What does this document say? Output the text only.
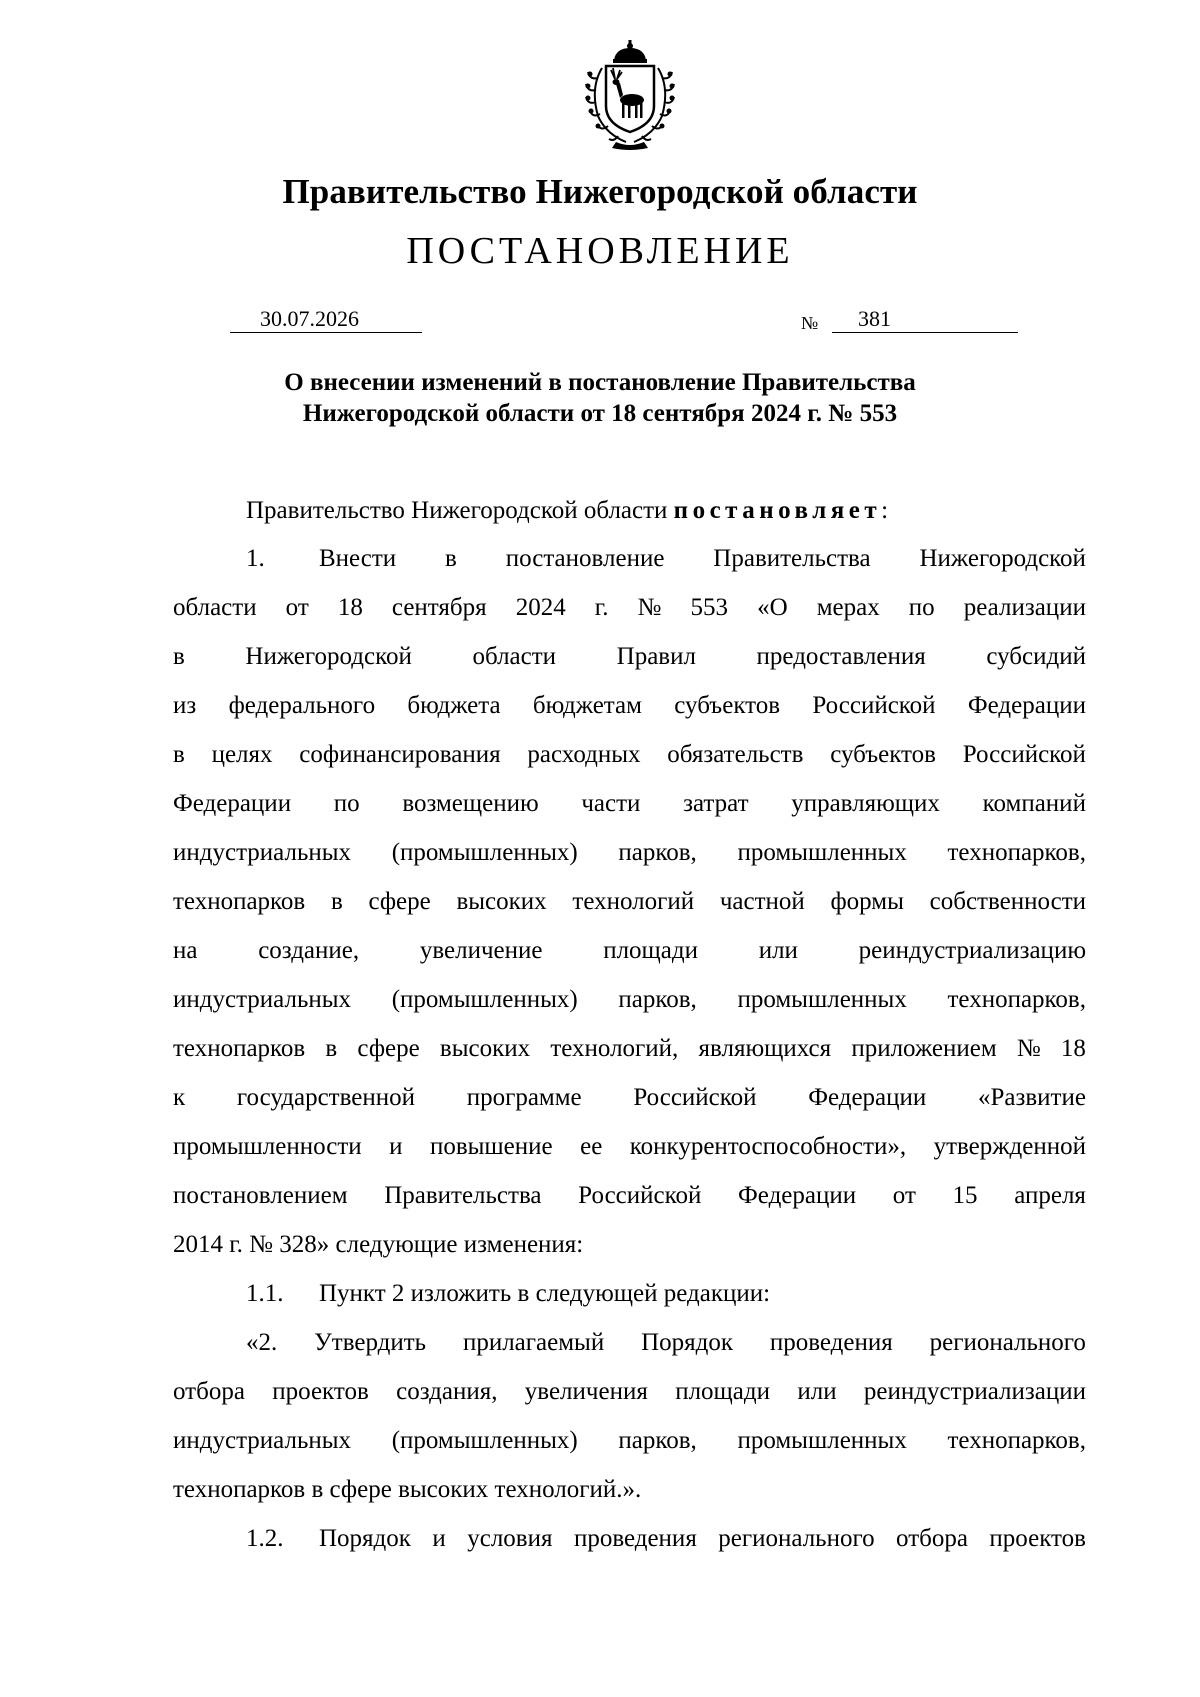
Правительство Нижегородской области
ПОСТАНОВЛЕНИЕ
30.07.2026	№ 381
О внесении изменений в постановление Правительства
Нижегородской области от 18 сентября 2024 г. № 553
Правительство Нижегородской области постановляет:
1. Внести в постановление Правительства Нижегородской
области от 18 сентября 2024 г. № 553 «О мерах по реализации
в Нижегородской области Правил предоставления субсидий
из федерального бюджета бюджетам субъектов Российской Федерации
в целях софинансирования расходных обязательств субъектов Российской
Федерации по возмещению части затрат управляющих компаний
индустриальных (промышленных) парков, промышленных технопарков,
технопарков в сфере высоких технологий частной формы собственности
на создание, увеличение площади или реиндустриализацию
индустриальных (промышленных) парков, промышленных технопарков,
технопарков в сфере высоких технологий, являющихся приложением № 18
к государственной программе Российской Федерации «Развитие
промышленности и повышение ее конкурентоспособности», утвержденной
постановлением Правительства Российской Федерации от 15 апреля
2014 г. № 328» следующие изменения:
1.1. Пункт 2 изложить в следующей редакции:
«2. Утвердить прилагаемый Порядок проведения регионального
отбора проектов создания, увеличения площади или реиндустриализации
индустриальных (промышленных) парков, промышленных технопарков,
технопарков в сфере высоких технологий.».
1.2. Порядок и условия проведения регионального отбора проектов
